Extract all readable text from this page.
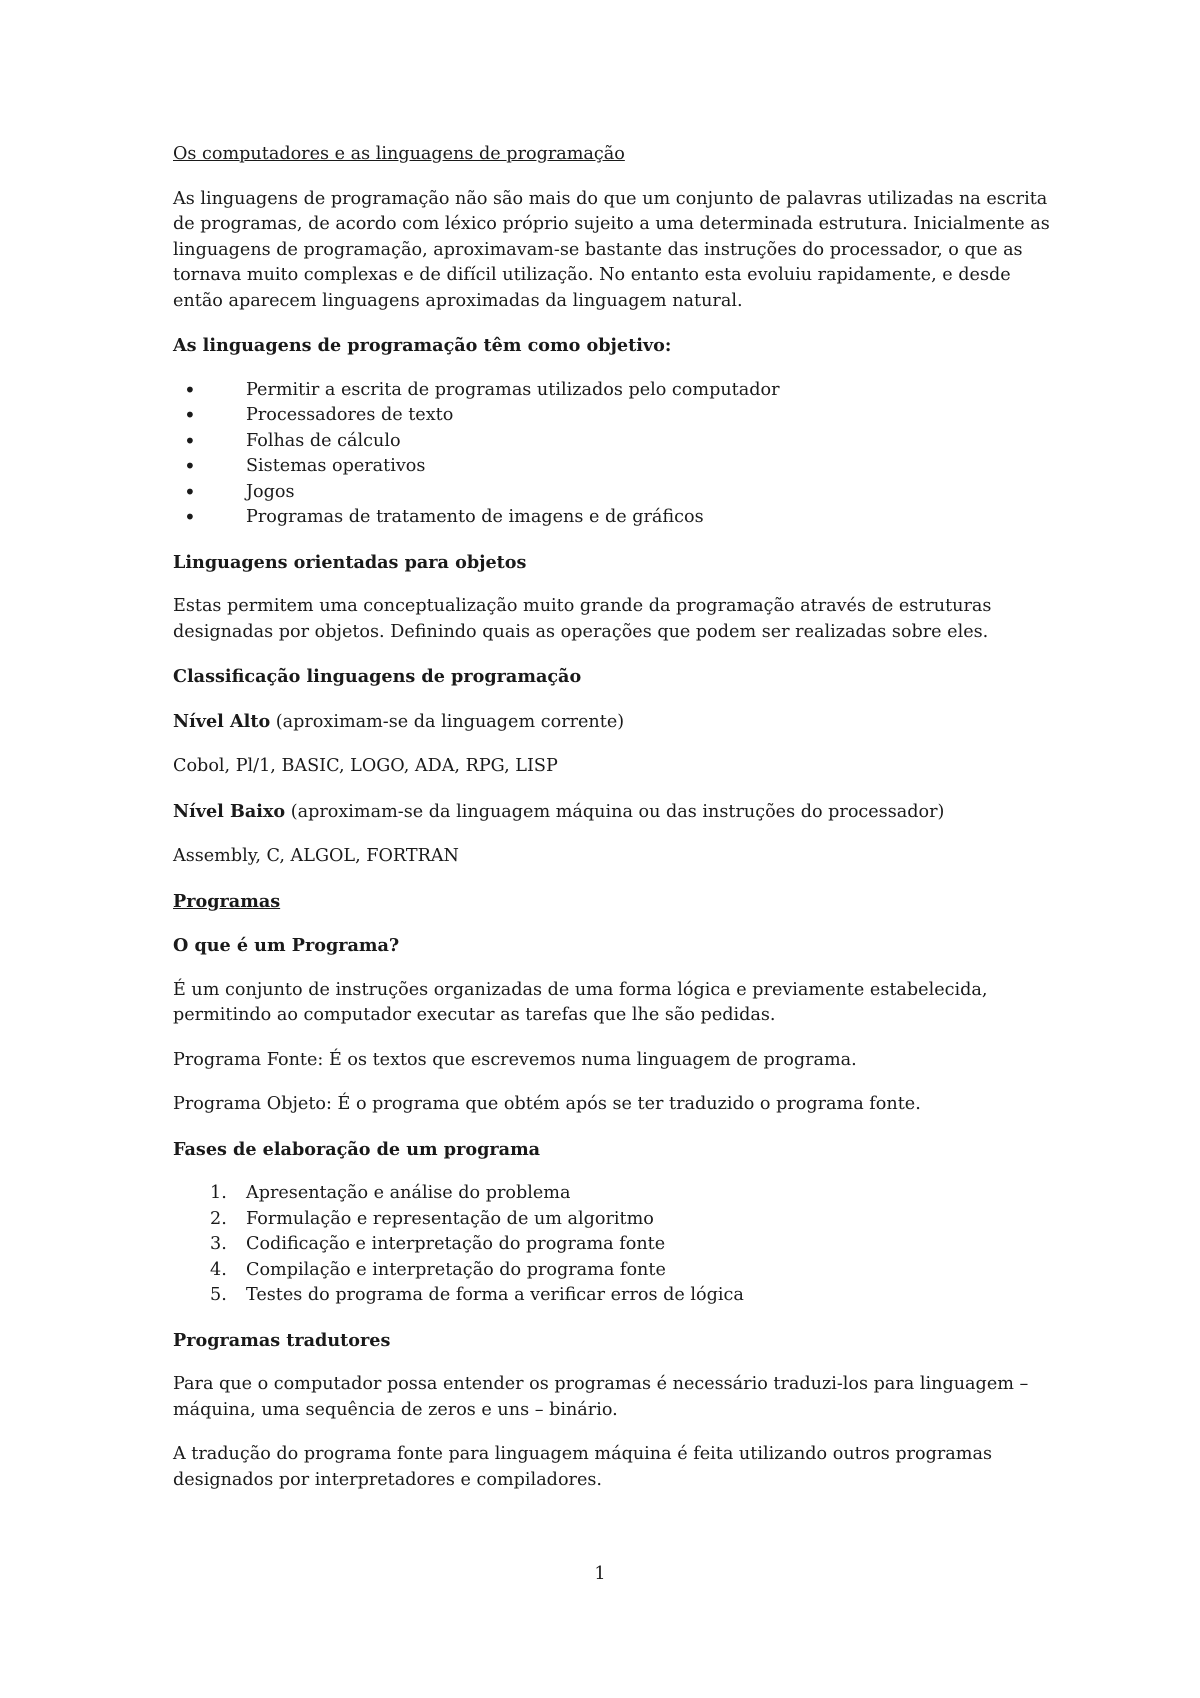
Os computadores e as linguagens de programação

As linguagens de programação não são mais do que um conjunto de palavras utilizadas na escrita de programas, de acordo com léxico próprio sujeito a uma determinada estrutura. Inicialmente as linguagens de programação, aproximavam-se bastante das instruções do processador, o que as tornava muito complexas e de difícil utilização. No entanto esta evoluiu rapidamente, e desde então aparecem linguagens aproximadas da linguagem natural.

As linguagens de programação têm como objetivo:
• Permitir a escrita de programas utilizados pelo computador
• Processadores de texto
• Folhas de cálculo
• Sistemas operativos
• Jogos
• Programas de tratamento de imagens e de gráficos
Linguagens orientadas para objetos

Estas permitem uma conceptualização muito grande da programação através de estruturas designadas por objetos. Definindo quais as operações que podem ser realizadas sobre eles.

Classificação linguagens de programação

Nível Alto (aproximam-se da linguagem corrente)

Cobol, Pl/1, BASIC, LOGO, ADA, RPG, LISP

Nível Baixo (aproximam-se da linguagem máquina ou das instruções do processador)

Assembly, C, ALGOL, FORTRAN

Programas
O que é um Programa?

É um conjunto de instruções organizadas de uma forma lógica e previamente estabelecida, permitindo ao computador executar as tarefas que lhe são pedidas.

Programa Fonte: É os textos que escrevemos numa linguagem de programa.

Programa Objeto: É o programa que obtém após se ter traduzido o programa fonte.

Fases de elaboração de um programa
1. Apresentação e análise do problema
2. Formulação e representação de um algoritmo
3. Codificação e interpretação do programa fonte
4. Compilação e interpretação do programa fonte
5. Testes do programa de forma a verificar erros de lógica
Programas tradutores

Para que o computador possa entender os programas é necessário traduzi-los para linguagem – máquina, uma sequência de zeros e uns – binário.

A tradução do programa fonte para linguagem máquina é feita utilizando outros programas designados por interpretadores e compiladores.

1
